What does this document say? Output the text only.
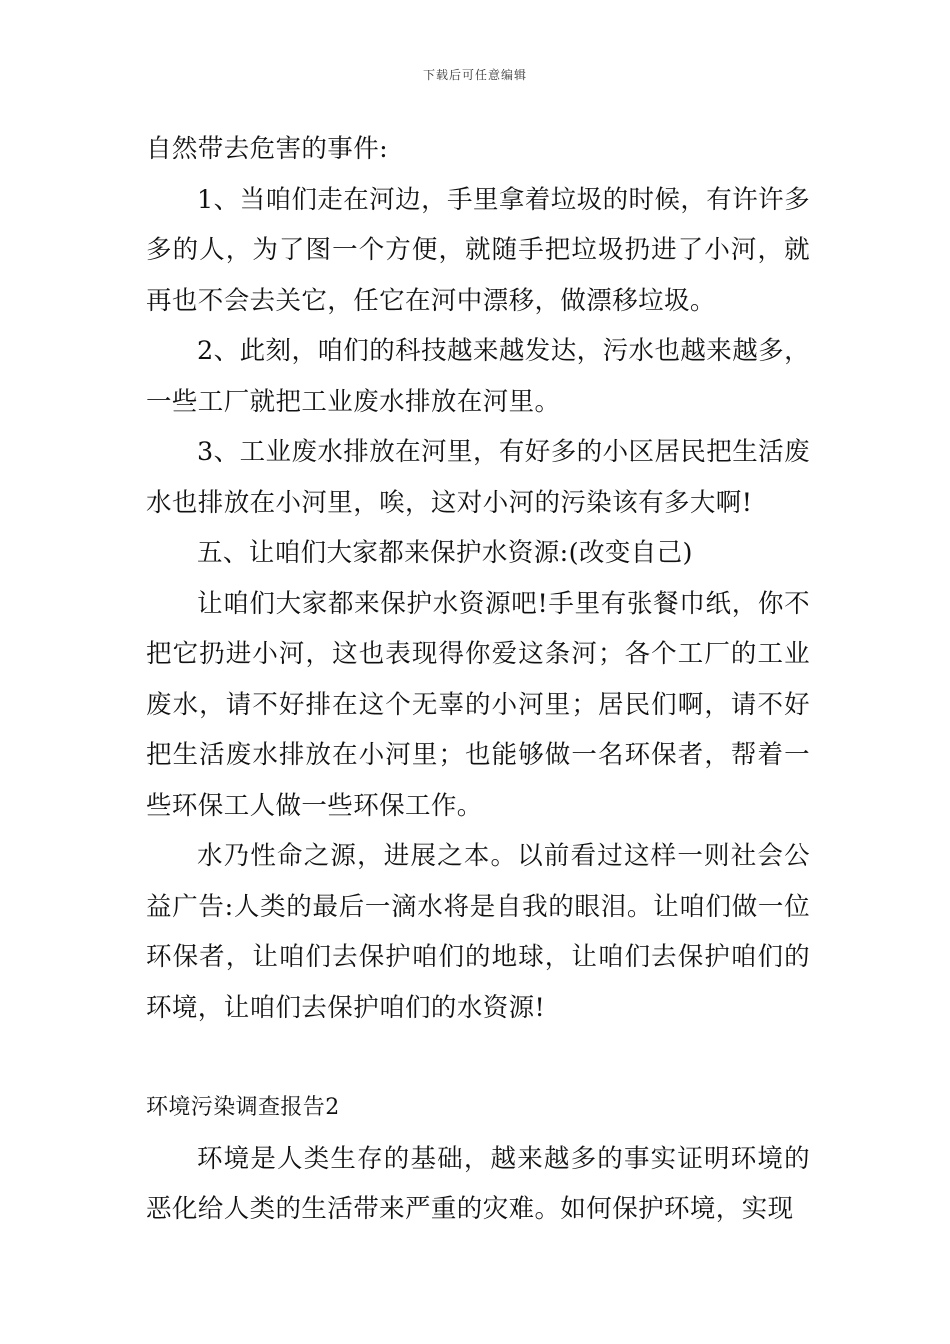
下载后可任意编辑

自然带去危害的事件:

1、当咱们走在河边，手里拿着垃圾的时候，有许许多多的人，为了图一个方便，就随手把垃圾扔进了小河，就再也不会去关它，任它在河中漂移，做漂移垃圾。

2、此刻，咱们的科技越来越发达，污水也越来越多，一些工厂就把工业废水排放在河里。

3、工业废水排放在河里，有好多的小区居民把生活废水也排放在小河里，唉，这对小河的污染该有多大啊!

五、让咱们大家都来保护水资源:(改变自己)

让咱们大家都来保护水资源吧!手里有张餐巾纸，你不把它扔进小河，这也表现得你爱这条河；各个工厂的工业废水，请不好排在这个无辜的小河里；居民们啊，请不好把生活废水排放在小河里；也能够做一名环保者，帮着一些环保工人做一些环保工作。

水乃性命之源，进展之本。以前看过这样一则社会公益广告:人类的最后一滴水将是自我的眼泪。让咱们做一位环保者，让咱们去保护咱们的地球，让咱们去保护咱们的环境，让咱们去保护咱们的水资源!

环境污染调查报告2

环境是人类生存的基础，越来越多的事实证明环境的恶化给人类的生活带来严重的灾难。如何保护环境，实现
